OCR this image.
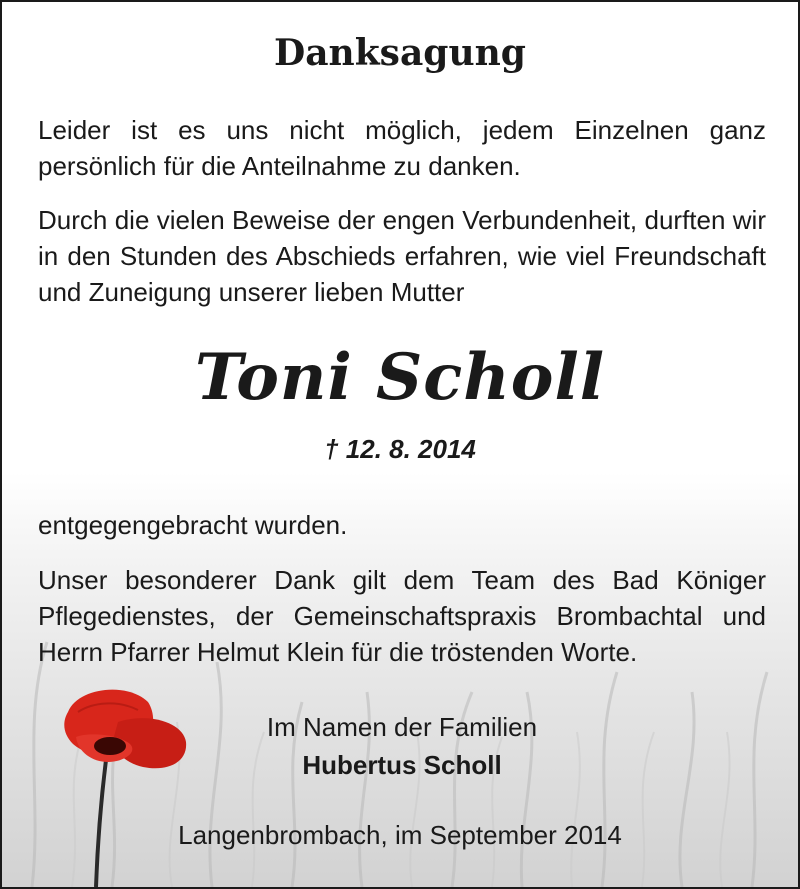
Danksagung
Leider ist es uns nicht möglich, jedem Einzelnen ganz persönlich für die Anteilnahme zu danken.
Durch die vielen Beweise der engen Verbundenheit, durften wir in den Stunden des Abschieds erfahren, wie viel Freundschaft und Zuneigung unserer lieben Mutter
Toni Scholl
† 12. 8. 2014
entgegengebracht wurden.
Unser besonderer Dank gilt dem Team des Bad Königer Pflegedienstes, der Gemeinschaftspraxis Brombachtal und Herrn Pfarrer Helmut Klein für die tröstenden Worte.
Im Namen der Familien
Hubertus Scholl
Langenbrombach, im September 2014
